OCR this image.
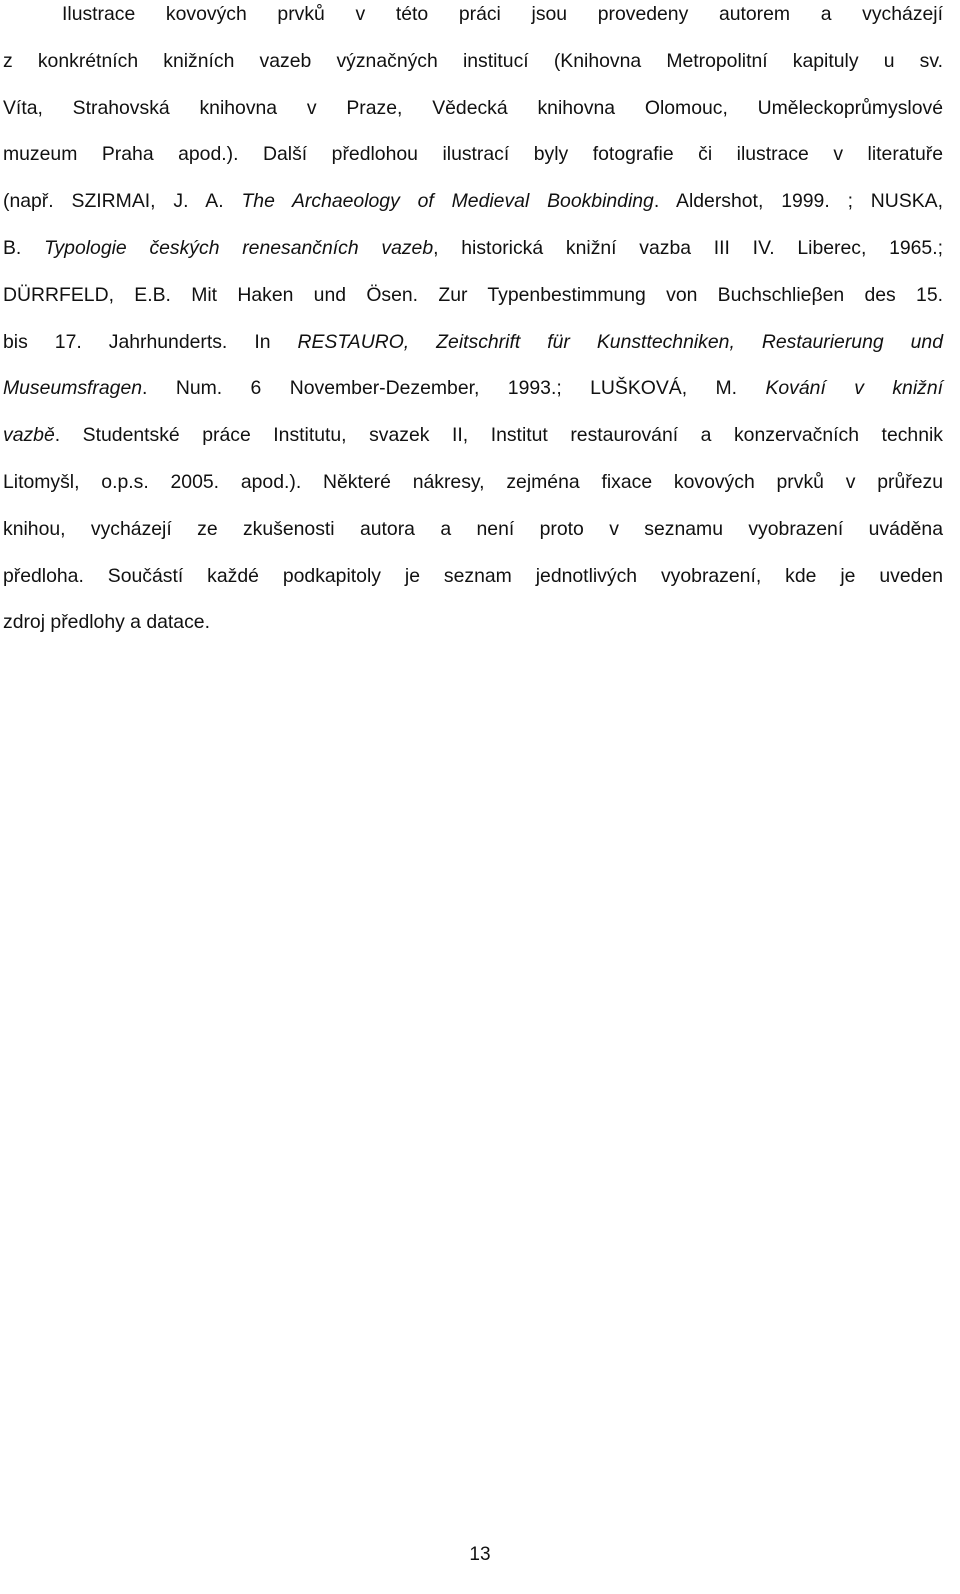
Ilustrace kovových prvků v této práci jsou provedeny autorem a vycházejí
z konkrétních knižních vazeb význačných institucí (Knihovna Metropolitní kapituly u sv.
Víta, Strahovská knihovna v Praze, Vědecká knihovna Olomouc, Uměleckoprůmyslové
muzeum Praha apod.). Další předlohou ilustrací byly fotografie či ilustrace v literatuře
(např. SZIRMAI, J. A. The Archaeology of Medieval Bookbinding. Aldershot, 1999. ; NUSKA,
B. Typologie českých renesančních vazeb, historická knižní vazba III IV. Liberec, 1965.;
DÜRRFELD, E.B. Mit Haken und Ösen. Zur Typenbestimmung von Buchschlieβen des 15.
bis 17. Jahrhunderts. In RESTAURO, Zeitschrift für Kunsttechniken, Restaurierung und
Museumsfragen. Num. 6 November-Dezember, 1993.; LUŠKOVÁ, M. Kování v knižní
vazbě. Studentské práce Institutu, svazek II, Institut restaurování a konzervačních technik
Litomyšl, o.p.s. 2005. apod.). Některé nákresy, zejména fixace kovových prvků v průřezu
knihou, vycházejí ze zkušenosti autora a není proto v seznamu vyobrazení uváděna
předloha. Součástí každé podkapitoly je seznam jednotlivých vyobrazení, kde je uveden
zdroj předlohy a datace.
13
